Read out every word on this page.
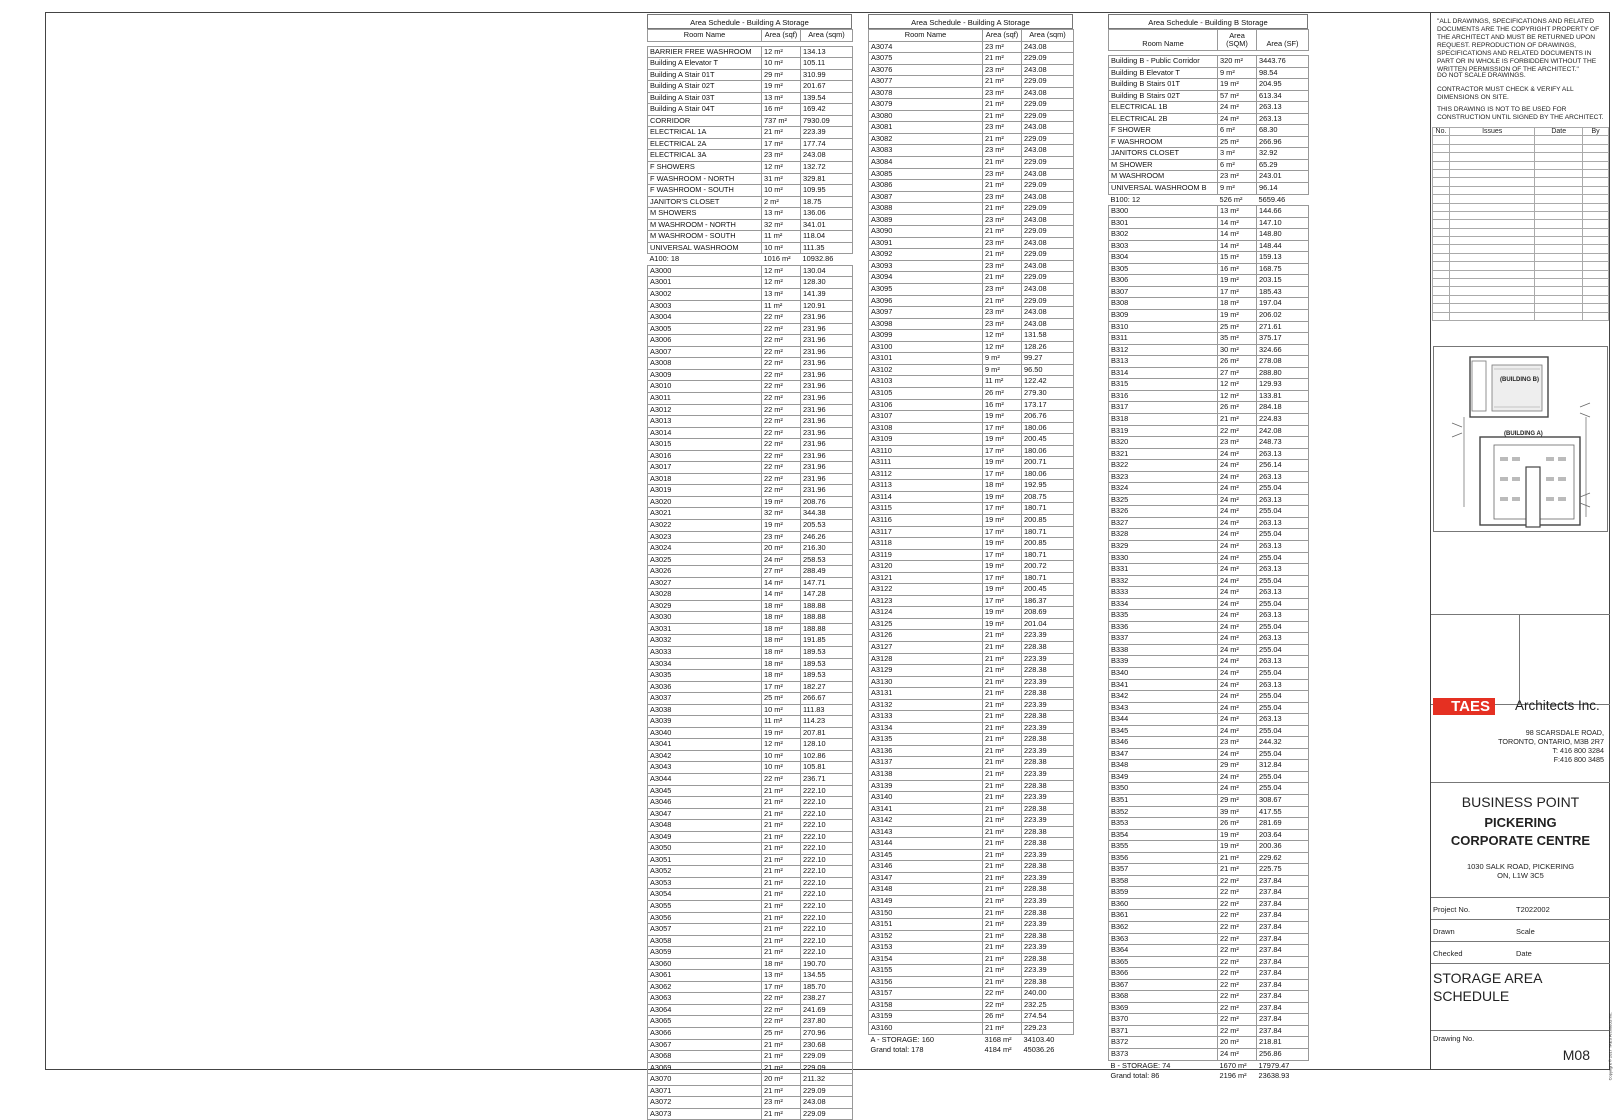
Area Schedule - Building A Storage
Room Name	Area (sqf)	Area (sqm)

BARRIER FREE WASHROOM	12 m²	134.13
Building A Elevator T	10 m²	105.11
Building A Stair 01T	29 m²	310.99
Building A Stair 02T	19 m²	201.67
Building A Stair 03T	13 m²	139.54
Building A Stair 04T	16 m²	169.42
CORRIDOR	737 m²	7930.09
ELECTRICAL 1A	21 m²	223.39
ELECTRICAL 2A	17 m²	177.74
ELECTRICAL 3A	23 m²	243.08
F SHOWERS	12 m²	132.72
F WASHROOM - NORTH	31 m²	329.81
F WASHROOM - SOUTH	10 m²	109.95
JANITOR'S CLOSET	2 m²	18.75
M SHOWERS	13 m²	136.06
M WASHROOM - NORTH	32 m²	341.01
M WASHROOM - SOUTH	11 m²	118.04
UNIVERSAL WASHROOM	10 m²	111.35
A100: 18	1016 m²	10932.86
A3000	12 m²	130.04
A3001	12 m²	128.30
A3002	13 m²	141.39
A3003	11 m²	120.91
A3004	22 m²	231.96
A3005	22 m²	231.96
A3006	22 m²	231.96
A3007	22 m²	231.96
A3008	22 m²	231.96
A3009	22 m²	231.96
A3010	22 m²	231.96
A3011	22 m²	231.96
A3012	22 m²	231.96
A3013	22 m²	231.96
A3014	22 m²	231.96
A3015	22 m²	231.96
A3016	22 m²	231.96
A3017	22 m²	231.96
A3018	22 m²	231.96
A3019	22 m²	231.96
A3020	19 m²	208.76
A3021	32 m²	344.38
A3022	19 m²	205.53
A3023	23 m²	246.26
A3024	20 m²	216.30
A3025	24 m²	258.53
A3026	27 m²	288.49
A3027	14 m²	147.71
A3028	14 m²	147.28
A3029	18 m²	188.88
A3030	18 m²	188.88
A3031	18 m²	188.88
A3032	18 m²	191.85
A3033	18 m²	189.53
A3034	18 m²	189.53
A3035	18 m²	189.53
A3036	17 m²	182.27
A3037	25 m²	266.67
A3038	10 m²	111.83
A3039	11 m²	114.23
A3040	19 m²	207.81
A3041	12 m²	128.10
A3042	10 m²	102.86
A3043	10 m²	105.81
A3044	22 m²	236.71
A3045	21 m²	222.10
A3046	21 m²	222.10
A3047	21 m²	222.10
A3048	21 m²	222.10
A3049	21 m²	222.10
A3050	21 m²	222.10
A3051	21 m²	222.10
A3052	21 m²	222.10
A3053	21 m²	222.10
A3054	21 m²	222.10
A3055	21 m²	222.10
A3056	21 m²	222.10
A3057	21 m²	222.10
A3058	21 m²	222.10
A3059	21 m²	222.10
A3060	18 m²	190.70
A3061	13 m²	134.55
A3062	17 m²	185.70
A3063	22 m²	238.27
A3064	22 m²	241.69
A3065	22 m²	237.80
A3066	25 m²	270.96
A3067	21 m²	230.68
A3068	21 m²	229.09
A3069	21 m²	229.09
A3070	20 m²	211.32
A3071	21 m²	229.09
A3072	23 m²	243.08
A3073	21 m²	229.09
Area Schedule - Building A Storage
Room Name	Area (sqf)	Area (sqm)
A3074	23 m²	243.08
A3075	21 m²	229.09
A3076	23 m²	243.08
A3077	21 m²	229.09
A3078	23 m²	243.08
A3079	21 m²	229.09
A3080	21 m²	229.09
A3081	23 m²	243.08
A3082	21 m²	229.09
A3083	23 m²	243.08
A3084	21 m²	229.09
A3085	23 m²	243.08
A3086	21 m²	229.09
A3087	23 m²	243.08
A3088	21 m²	229.09
A3089	23 m²	243.08
A3090	21 m²	229.09
A3091	23 m²	243.08
A3092	21 m²	229.09
A3093	23 m²	243.08
A3094	21 m²	229.09
A3095	23 m²	243.08
A3096	21 m²	229.09
A3097	23 m²	243.08
A3098	23 m²	243.08
A3099	12 m²	131.58
A3100	12 m²	128.26
A3101	9 m²	99.27
A3102	9 m²	96.50
A3103	11 m²	122.42
A3105	26 m²	279.30
A3106	16 m²	173.17
A3107	19 m²	206.76
A3108	17 m²	180.06
A3109	19 m²	200.45
A3110	17 m²	180.06
A3111	19 m²	200.71
A3112	17 m²	180.06
A3113	18 m²	192.95
A3114	19 m²	208.75
A3115	17 m²	180.71
A3116	19 m²	200.85
A3117	17 m²	180.71
A3118	19 m²	200.85
A3119	17 m²	180.71
A3120	19 m²	200.72
A3121	17 m²	180.71
A3122	19 m²	200.45
A3123	17 m²	186.37
A3124	19 m²	208.69
A3125	19 m²	201.04
A3126	21 m²	223.39
A3127	21 m²	228.38
A3128	21 m²	223.39
A3129	21 m²	228.38
A3130	21 m²	223.39
A3131	21 m²	228.38
A3132	21 m²	223.39
A3133	21 m²	228.38
A3134	21 m²	223.39
A3135	21 m²	228.38
A3136	21 m²	223.39
A3137	21 m²	228.38
A3138	21 m²	223.39
A3139	21 m²	228.38
A3140	21 m²	223.39
A3141	21 m²	228.38
A3142	21 m²	223.39
A3143	21 m²	228.38
A3144	21 m²	228.38
A3145	21 m²	223.39
A3146	21 m²	228.38
A3147	21 m²	223.39
A3148	21 m²	228.38
A3149	21 m²	223.39
A3150	21 m²	228.38
A3151	21 m²	223.39
A3152	21 m²	228.38
A3153	21 m²	223.39
A3154	21 m²	228.38
A3155	21 m²	223.39
A3156	21 m²	228.38
A3157	22 m²	240.00
A3158	22 m²	232.25
A3159	26 m²	274.54
A3160	21 m²	229.23
A - STORAGE: 160	3168 m²	34103.40
Grand total: 178	4184 m²	45036.26
Area Schedule - Building B Storage
Room Name	Area (SQM)	Area (SF)

Building B - Public Corridor	320 m²	3443.76
Building B Elevator T	9 m²	98.54
Building B Stairs 01T	19 m²	204.95
Building B Stairs 02T	57 m²	613.34
ELECTRICAL 1B	24 m²	263.13
ELECTRICAL 2B	24 m²	263.13
F SHOWER	6 m²	68.30
F WASHROOM	25 m²	266.96
JANITORS CLOSET	3 m²	32.92
M SHOWER	6 m²	65.29
M WASHROOM	23 m²	243.01
UNIVERSAL WASHROOM B	9 m²	96.14
B100: 12	526 m²	5659.46
B300	13 m²	144.66
B301	14 m²	147.10
B302	14 m²	148.80
B303	14 m²	148.44
B304	15 m²	159.13
B305	16 m²	168.75
B306	19 m²	203.15
B307	17 m²	185.43
B308	18 m²	197.04
B309	19 m²	206.02
B310	25 m²	271.61
B311	35 m²	375.17
B312	30 m²	324.66
B313	26 m²	278.08
B314	27 m²	288.80
B315	12 m²	129.93
B316	12 m²	133.81
B317	26 m²	284.18
B318	21 m²	224.83
B319	22 m²	242.08
B320	23 m²	248.73
B321	24 m²	263.13
B322	24 m²	256.14
B323	24 m²	263.13
B324	24 m²	255.04
B325	24 m²	263.13
B326	24 m²	255.04
B327	24 m²	263.13
B328	24 m²	255.04
B329	24 m²	263.13
B330	24 m²	255.04
B331	24 m²	263.13
B332	24 m²	255.04
B333	24 m²	263.13
B334	24 m²	255.04
B335	24 m²	263.13
B336	24 m²	255.04
B337	24 m²	263.13
B338	24 m²	255.04
B339	24 m²	263.13
B340	24 m²	255.04
B341	24 m²	263.13
B342	24 m²	255.04
B343	24 m²	255.04
B344	24 m²	263.13
B345	24 m²	255.04
B346	23 m²	244.32
B347	24 m²	255.04
B348	29 m²	312.84
B349	24 m²	255.04
B350	24 m²	255.04
B351	29 m²	308.67
B352	39 m²	417.55
B353	26 m²	281.69
B354	19 m²	203.64
B355	19 m²	200.36
B356	21 m²	229.62
B357	21 m²	225.75
B358	22 m²	237.84
B359	22 m²	237.84
B360	22 m²	237.84
B361	22 m²	237.84
B362	22 m²	237.84
B363	22 m²	237.84
B364	22 m²	237.84
B365	22 m²	237.84
B366	22 m²	237.84
B367	22 m²	237.84
B368	22 m²	237.84
B369	22 m²	237.84
B370	22 m²	237.84
B371	22 m²	237.84
B372	20 m²	218.81
B373	24 m²	256.86
B - STORAGE: 74	1670 m²	17979.47
Grand total: 86	2196 m²	23638.93
"ALL DRAWINGS, SPECIFICATIONS AND RELATED DOCUMENTS ARE THE COPYRIGHT PROPERTY OF THE ARCHITECT AND MUST BE RETURNED UPON REQUEST. REPRODUCTION OF DRAWINGS, SPECIFICATIONS AND RELATED DOCUMENTS IN PART OR IN WHOLE IS FORBIDDEN WITHOUT THE WRITTEN PERMISSION OF THE ARCHITECT."
DO NOT SCALE DRAWINGS.
CONTRACTOR MUST CHECK & VERIFY ALL DIMENSIONS ON SITE.
THIS DRAWING IS NOT TO BE USED FOR CONSTRUCTION UNTIL SIGNED BY THE ARCHITECT.
No.	Issues	Date	By

(BUILDING B)
(BUILDING A)
TAES	Architects Inc.
98 SCARSDALE ROAD,
TORONTO, ONTARIO, M3B 2R7
T: 416 800 3284
F:416 800 3485
BUSINESS POINT
PICKERING CORPORATE CENTRE
1030 SALK ROAD, PICKERING ON, L1W 3C5
Project No.	T2022002
Drawn	Scale
Checked	Date
STORAGE AREA SCHEDULE
Drawing No.
M08	Copyright © 2017 TAES Architects Inc.
